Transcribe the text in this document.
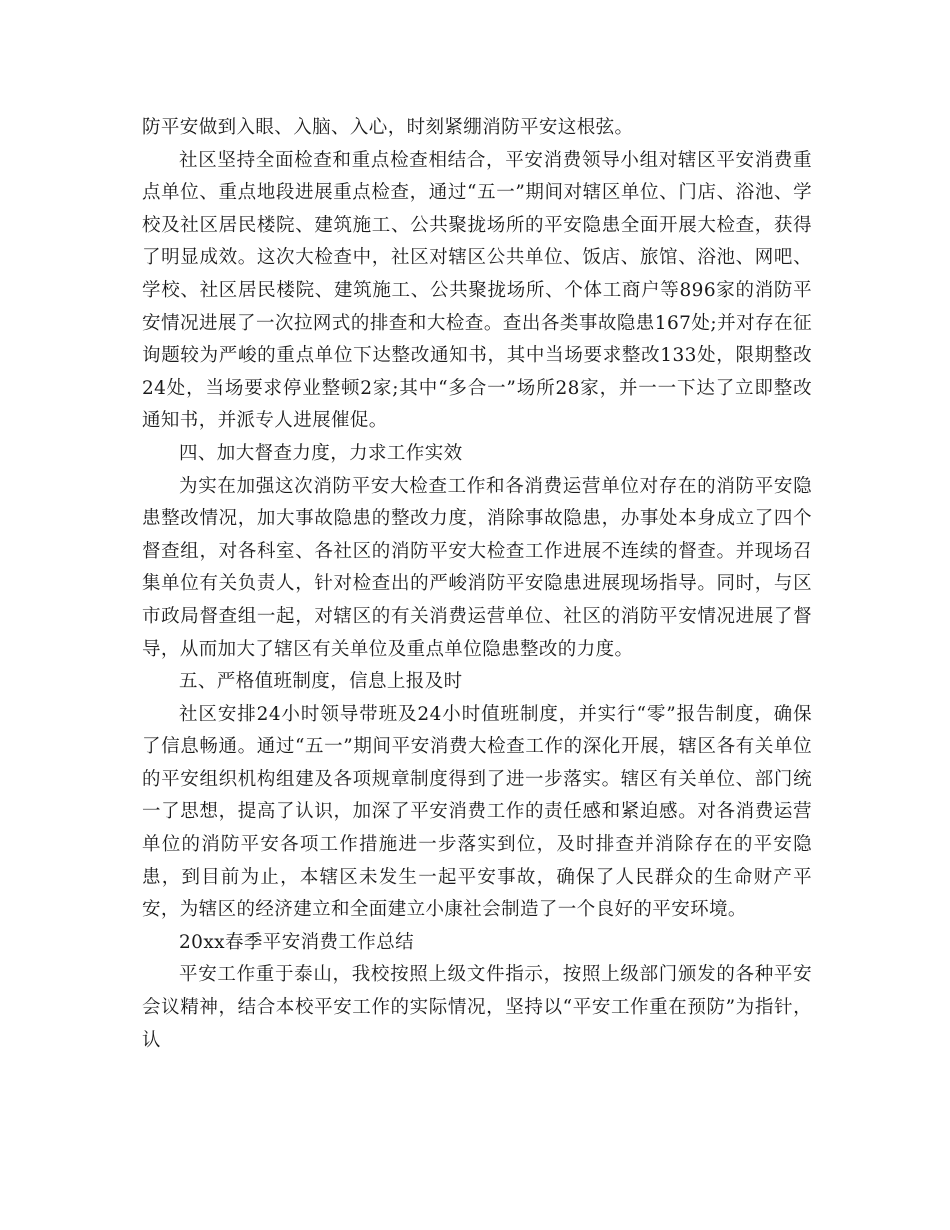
防平安做到入眼、入脑、入心，时刻紧绷消防平安这根弦。

社区坚持全面检查和重点检查相结合，平安消费领导小组对辖区平安消费重点单位、重点地段进展重点检查，通过“五一”期间对辖区单位、门店、浴池、学校及社区居民楼院、建筑施工、公共聚拢场所的平安隐患全面开展大检查，获得了明显成效。这次大检查中，社区对辖区公共单位、饭店、旅馆、浴池、网吧、学校、社区居民楼院、建筑施工、公共聚拢场所、个体工商户等896家的消防平安情况进展了一次拉网式的排查和大检查。查出各类事故隐患167处;并对存在征询题较为严峻的重点单位下达整改通知书，其中当场要求整改133处，限期整改24处，当场要求停业整顿2家;其中“多合一”场所28家，并一一下达了立即整改通知书，并派专人进展催促。

四、加大督查力度，力求工作实效

为实在加强这次消防平安大检查工作和各消费运营单位对存在的消防平安隐患整改情况，加大事故隐患的整改力度，消除事故隐患，办事处本身成立了四个督查组，对各科室、各社区的消防平安大检查工作进展不连续的督查。并现场召集单位有关负责人，针对检查出的严峻消防平安隐患进展现场指导。同时，与区市政局督查组一起，对辖区的有关消费运营单位、社区的消防平安情况进展了督导，从而加大了辖区有关单位及重点单位隐患整改的力度。

五、严格值班制度，信息上报及时

社区安排24小时领导带班及24小时值班制度，并实行“零”报告制度，确保了信息畅通。通过“五一”期间平安消费大检查工作的深化开展，辖区各有关单位的平安组织机构组建及各项规章制度得到了进一步落实。辖区有关单位、部门统一了思想，提高了认识，加深了平安消费工作的责任感和紧迫感。对各消费运营单位的消防平安各项工作措施进一步落实到位，及时排查并消除存在的平安隐患，到目前为止，本辖区未发生一起平安事故，确保了人民群众的生命财产平安，为辖区的经济建立和全面建立小康社会制造了一个良好的平安环境。

20xx春季平安消费工作总结

平安工作重于泰山，我校按照上级文件指示，按照上级部门颁发的各种平安会议精神，结合本校平安工作的实际情况，坚持以“平安工作重在预防”为指针，认
